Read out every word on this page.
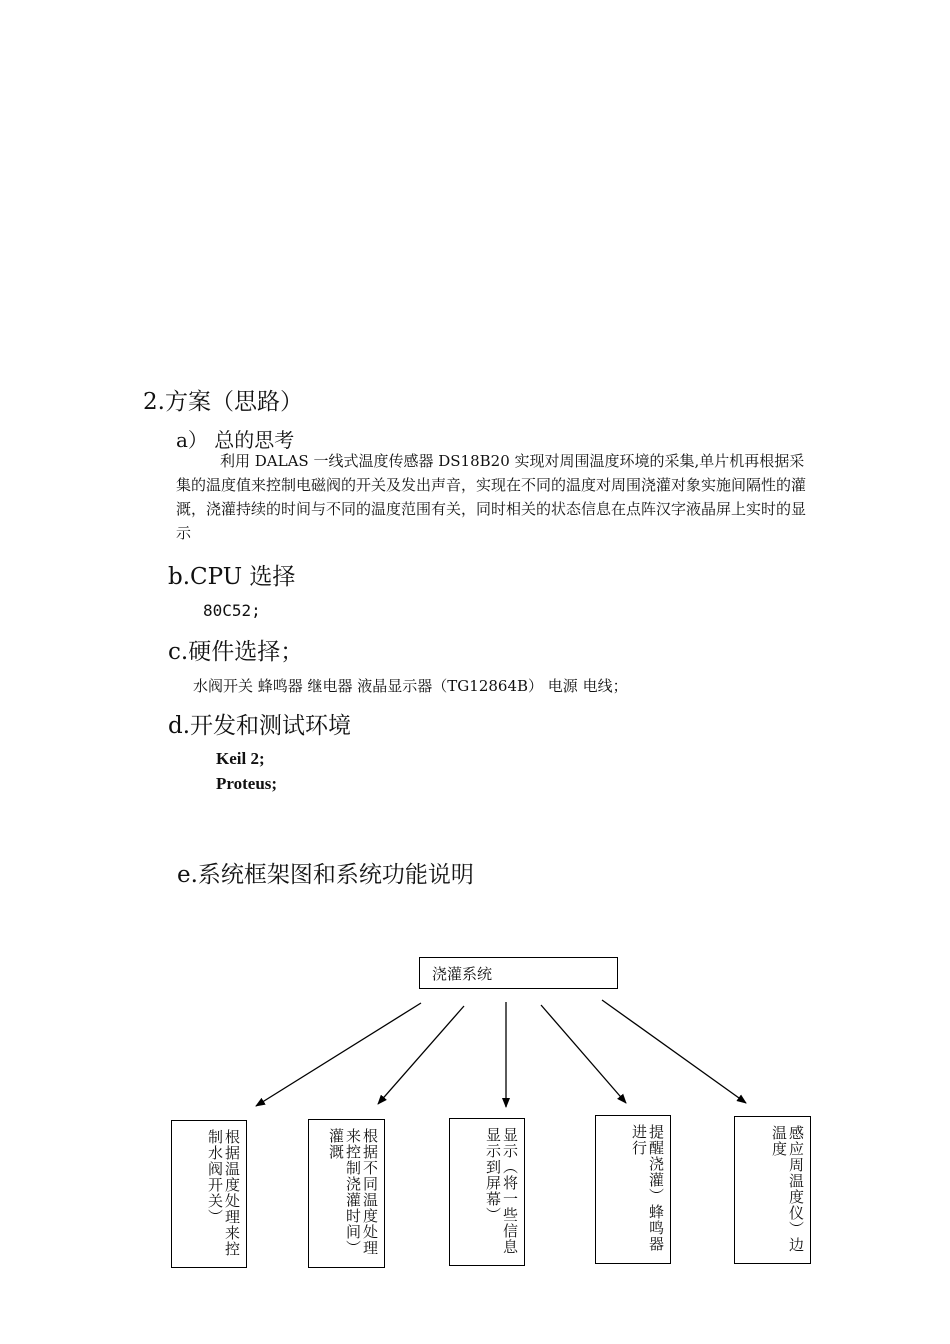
2.方案（思路）
a） 总的思考
利用 DALAS 一线式温度传感器 DS18B20 实现对周围温度环境的采集,单片机再根据采集的温度值来控制电磁阀的开关及发出声音，实现在不同的温度对周围浇灌对象实施间隔性的灌溉，浇灌持续的时间与不同的温度范围有关，同时相关的状态信息在点阵汉字液晶屏上实时的显示
b.CPU 选择
80C52;
c.硬件选择；
水阀开关 蜂鸣器 继电器 液晶显示器（TG12864B） 电源 电线；
d.开发和测试环境
Keil 2;
Proteus;
e.系统框架图和系统功能说明
浇灌系统
根据温度处理来控制水阀开关）	根据不同温度处理来控制浇灌时间）灌溉	显示（将一些信息显示到屏幕）	提醒浇灌）蜂鸣器进行	感应周温度仪）边温度
